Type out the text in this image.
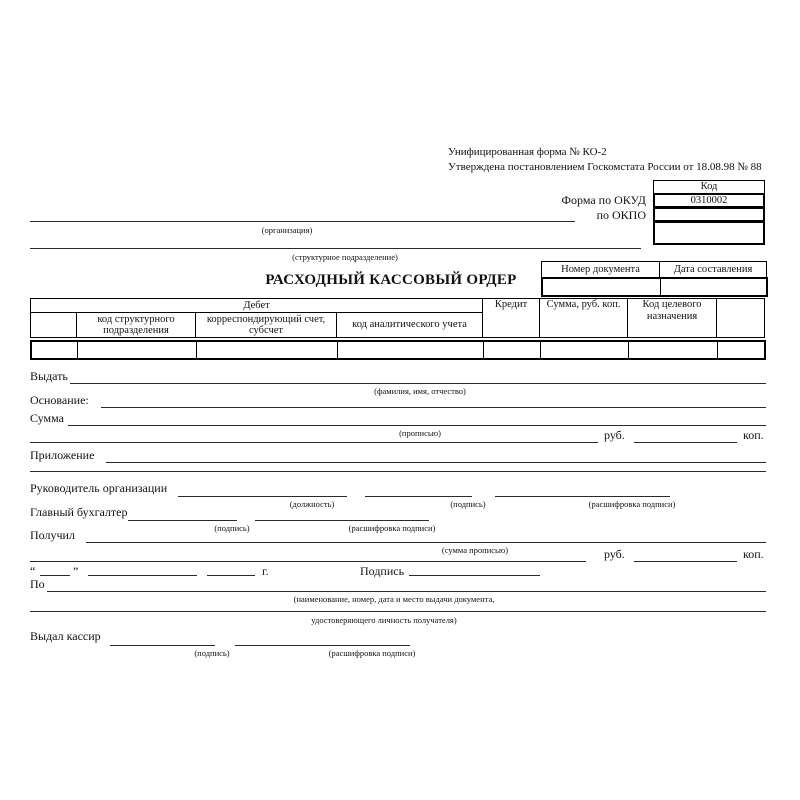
Унифицированная форма № КО-2
Утверждена постановлением Госкомстата России от 18.08.98 № 88
Код
0310002
Форма по ОКУД
по ОКПО
(организация)
(структурное подразделение)
Номер документа	Дата составления

РАСХОДНЫЙ КАССОВЫЙ ОРДЕР
Дебет				Кредит	Сумма, руб. коп.	Код целевого назначения	
	код структурного подразделения	корреспондирующий счет, субсчет	код аналитического учета				

Выдать
(фамилия, имя, отчество)
Основание:
Сумма
(прописью)	руб.	коп.
Приложение
Руководитель организации
(должность)	(подпись)	(расшифровка подписи)
Главный бухгалтер
(подпись)	(расшифровка подписи)
Получил
(сумма прописью)	руб.	коп.
“	”	г.	Подпись
По
(наименование, номер, дата и место выдачи документа,
удостоверяющего личность получателя)
Выдал кассир
(подпись)	(расшифровка подписи)
